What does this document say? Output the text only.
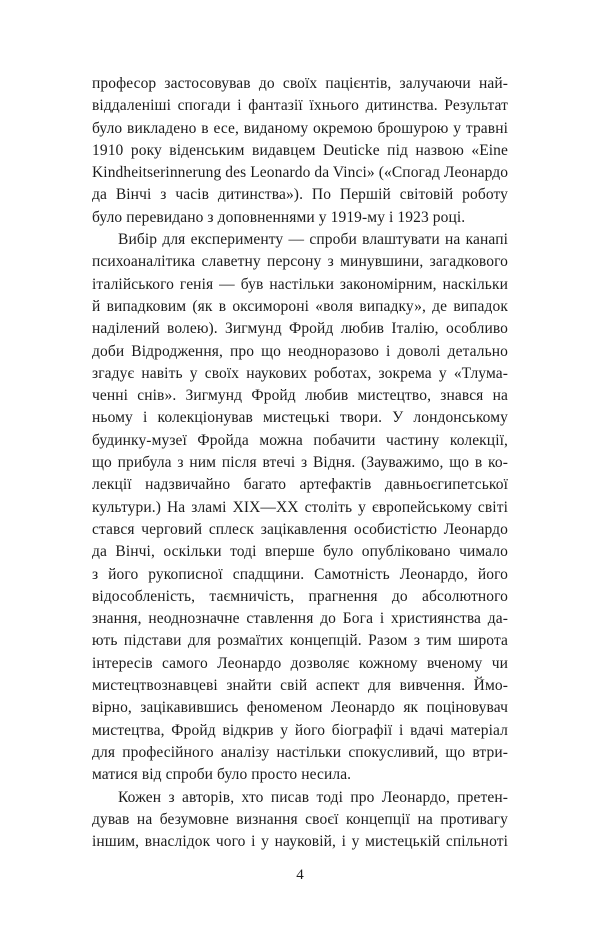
професор застосовував до своїх пацієнтів, залучаючи най-
віддаленіші спогади і фантазії їхнього дитинства. Результат
було викладено в есе, виданому окремою брошурою у травні
1910 року віденським видавцем Deuticke під назвою «Eine
Kindheitserinnerung des Leonardo da Vinci» («Спогад Леонардо
да Вінчі з часів дитинства»). По Першій світовій роботу
було перевидано з доповненнями у 1919-му і 1923 році.
Вибір для експерименту — спроби влаштувати на канапі
психоаналітика славетну персону з минувшини, загадкового
італійського генія — був настільки закономірним, наскільки
й випадковим (як в оксимороні «воля випадку», де випадок
наділений волею). Зигмунд Фройд любив Італію, особливо
доби Відродження, про що неодноразово і доволі детально
згадує навіть у своїх наукових роботах, зокрема у «Тлума-
ченні снів». Зигмунд Фройд любив мистецтво, знався на
ньому і колекціонував мистецькі твори. У лондонському
будинку-музеї Фройда можна побачити частину колекції,
що прибула з ним після втечі з Відня. (Зауважимо, що в ко-
лекції надзвичайно багато артефактів давньоєгипетської
культури.) На зламі XIX—XX століть у європейському світі
стався черговий сплеск зацікавлення особистістю Леонардо
да Вінчі, оскільки тоді вперше було опубліковано чимало
з його рукописної спадщини. Самотність Леонардо, його
відособленість, таємничість, прагнення до абсолютного
знання, неоднозначне ставлення до Бога і християнства да-
ють підстави для розмаїтих концепцій. Разом з тим широта
інтересів самого Леонардо дозволяє кожному вченому чи
мистецтвознавцеві знайти свій аспект для вивчення. Ймо-
вірно, зацікавившись феноменом Леонардо як поціновувач
мистецтва, Фройд відкрив у його біографії і вдачі матеріал
для професійного аналізу настільки спокусливий, що втри-
матися від спроби було просто несила.
Кожен з авторів, хто писав тоді про Леонардо, претен-
дував на безумовне визнання своєї концепції на противагу
іншим, внаслідок чого і у науковій, і у мистецькій спільноті
4
